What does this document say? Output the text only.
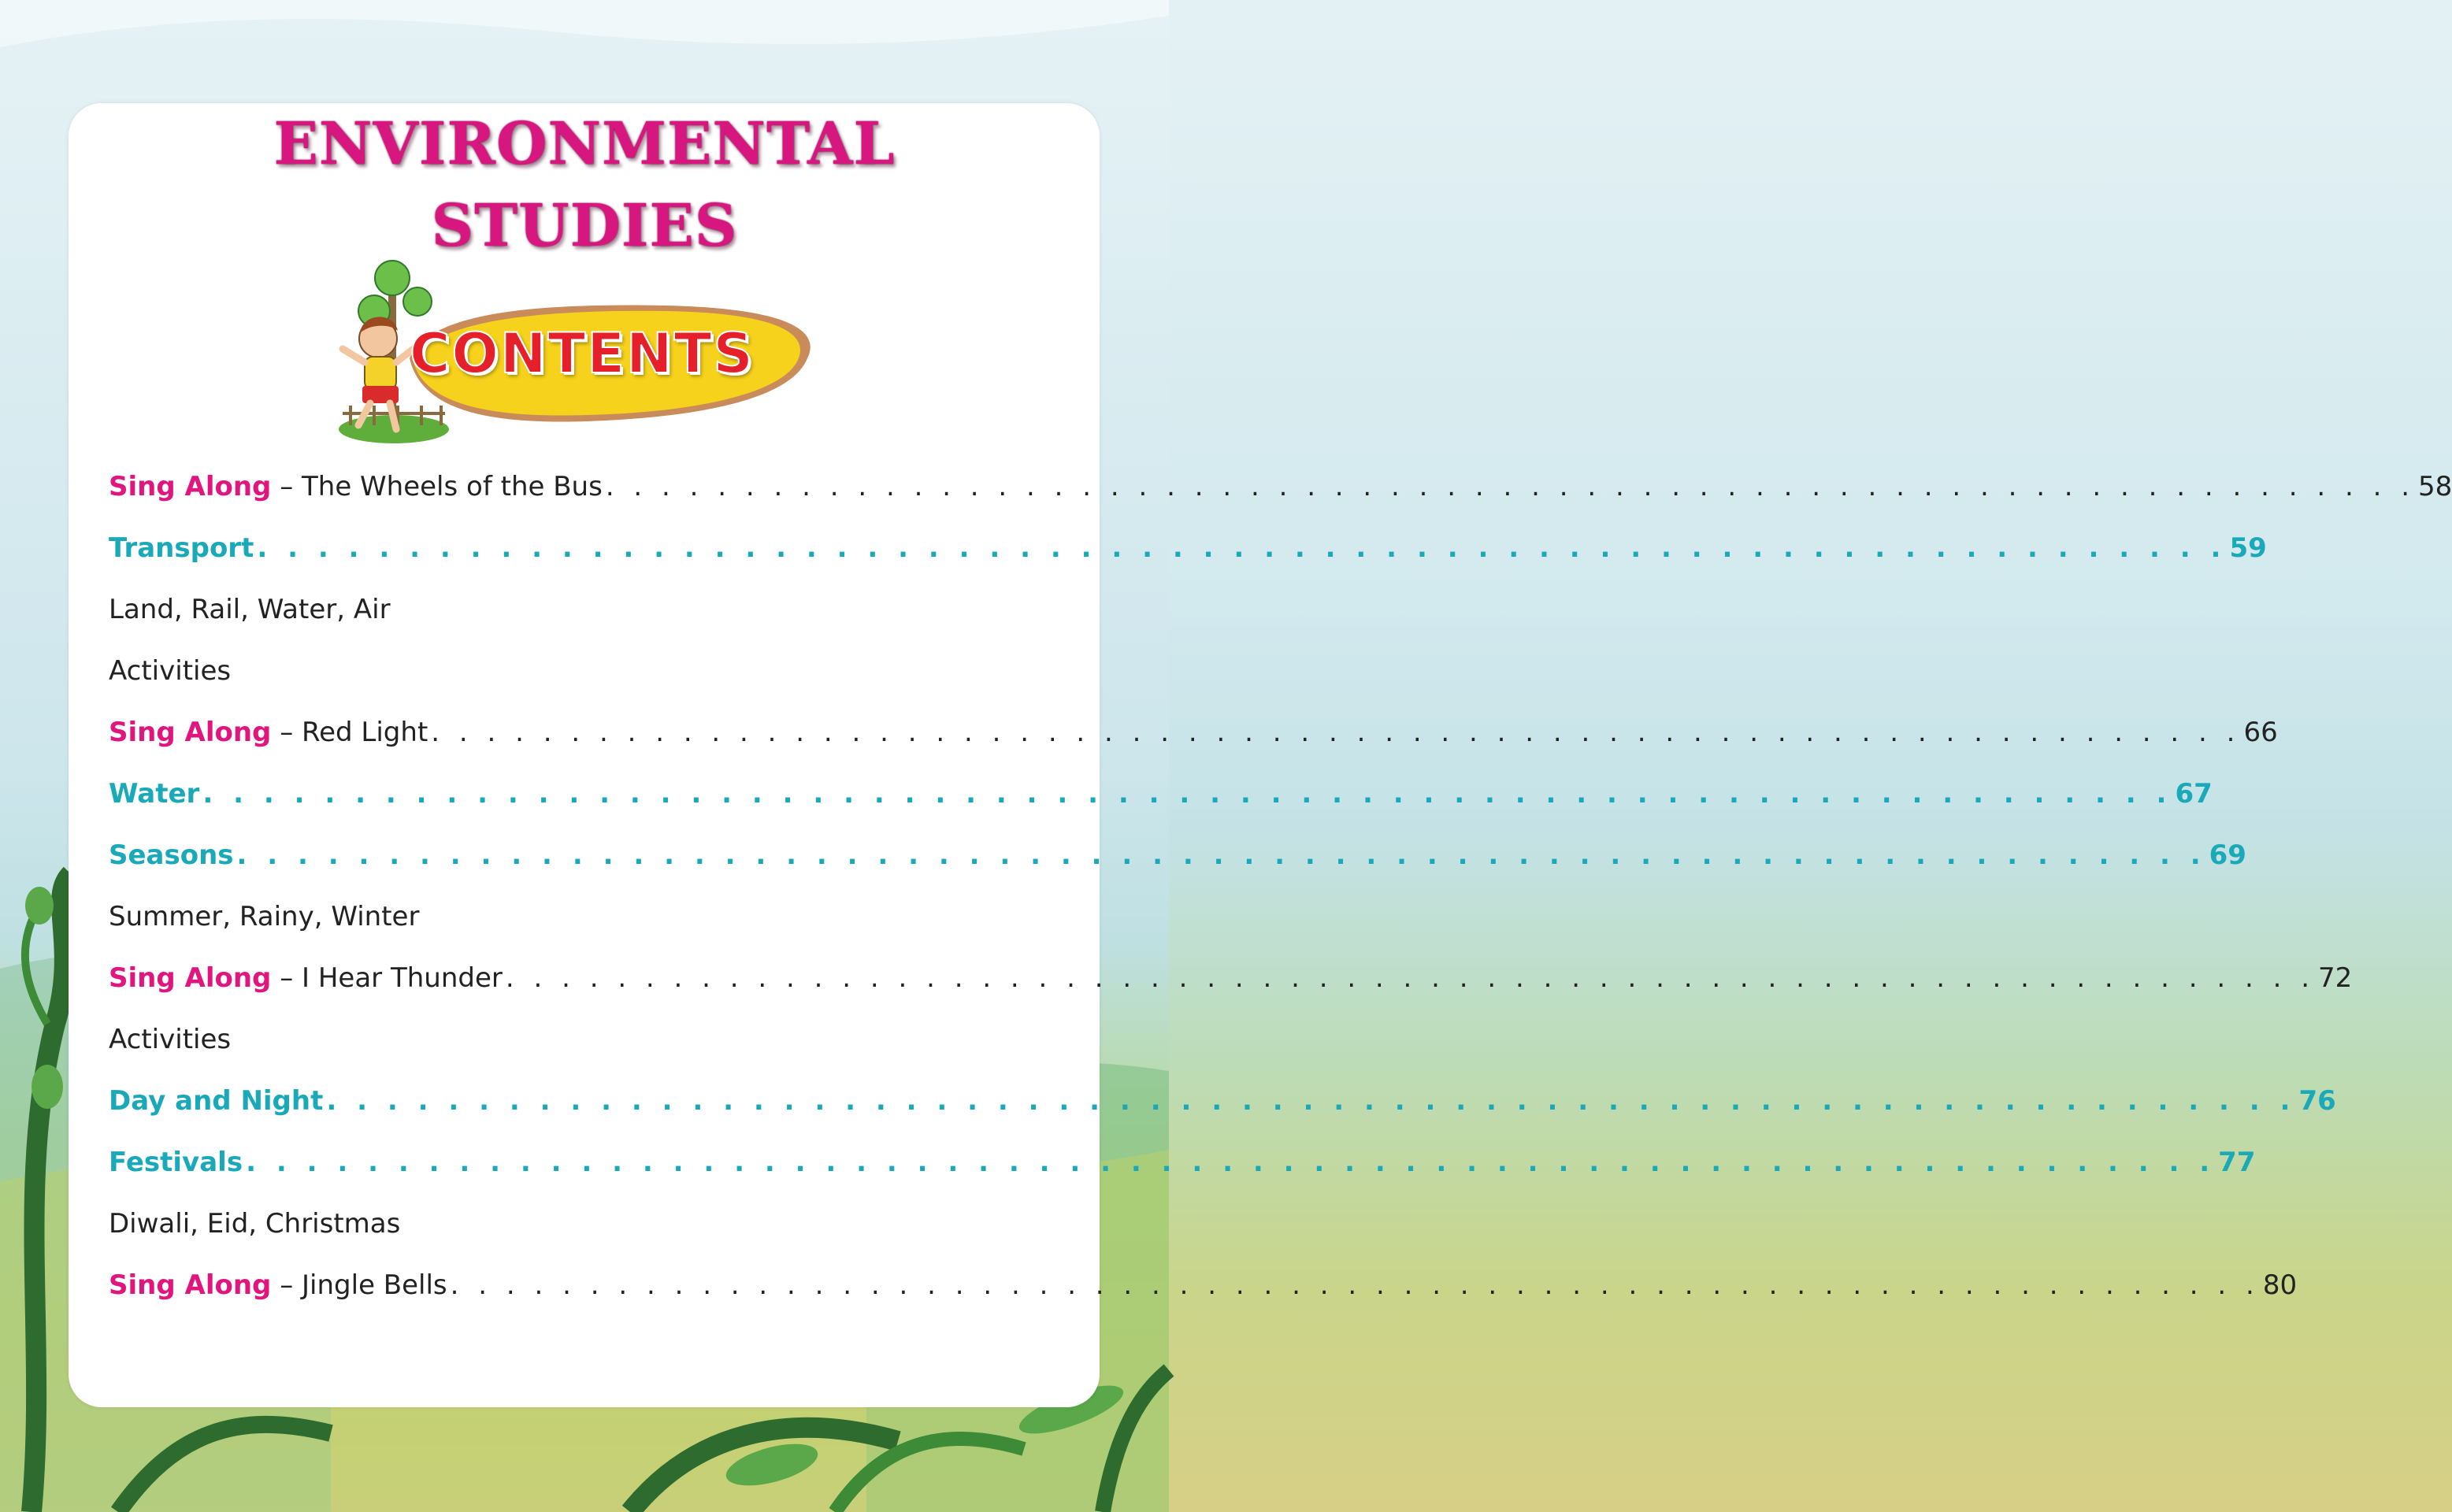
ENVIRONMENTAL
STUDIES
CONTENTS
Sing Along – The Wheels of the Bus . . . . . . . . . . . . . . . . . . . . . . . . . . . . . . . . . . . . . . . . . . . . . . . . . . . . . . . . . . . . . . . . . 58
Transport . . . . . . . . . . . . . . . . . . . . . . . . . . . . . . . . . . . . . . . . . . . . . . . . . . . . . . . . . . . . . . . . . 59
Land, Rail, Water, Air
Activities
Sing Along – Red Light . . . . . . . . . . . . . . . . . . . . . . . . . . . . . . . . . . . . . . . . . . . . . . . . . . . . . . . . . . . . . . . . . 66
Water . . . . . . . . . . . . . . . . . . . . . . . . . . . . . . . . . . . . . . . . . . . . . . . . . . . . . . . . . . . . . . . . . 67
Seasons . . . . . . . . . . . . . . . . . . . . . . . . . . . . . . . . . . . . . . . . . . . . . . . . . . . . . . . . . . . . . . . . . 69
Summer, Rainy, Winter
Sing Along – I Hear Thunder . . . . . . . . . . . . . . . . . . . . . . . . . . . . . . . . . . . . . . . . . . . . . . . . . . . . . . . . . . . . . . . . . 72
Activities
Day and Night . . . . . . . . . . . . . . . . . . . . . . . . . . . . . . . . . . . . . . . . . . . . . . . . . . . . . . . . . . . . . . . . . 76
Festivals . . . . . . . . . . . . . . . . . . . . . . . . . . . . . . . . . . . . . . . . . . . . . . . . . . . . . . . . . . . . . . . . . 77
Diwali, Eid, Christmas
Sing Along – Jingle Bells . . . . . . . . . . . . . . . . . . . . . . . . . . . . . . . . . . . . . . . . . . . . . . . . . . . . . . . . . . . . . . . . . 80
